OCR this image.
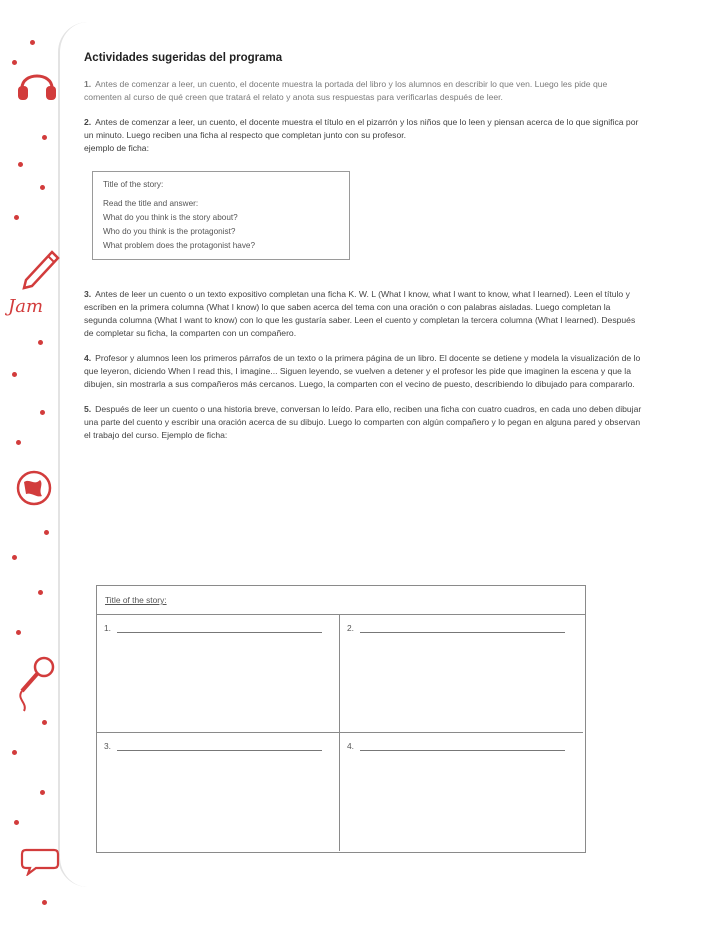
Jam
Actividades sugeridas del programa

1. Antes de comenzar a leer, un cuento, el docente muestra la portada del libro y los alumnos en describir lo que ven. Luego les pide que comenten al curso de qué creen que tratará el relato y anota sus respuestas para verificarlas después de leer.

2. Antes de comenzar a leer, un cuento, el docente muestra el título en el pizarrón y los niños que lo leen y piensan acerca de lo que significa por un minuto. Luego reciben una ficha al respecto que completan junto con su profesor.

ejemplo de ficha:
Title of the story:
Read the title and answer:
What do you think is the story about?
Who do you think is the protagonist?
What problem does the protagonist have?

3. Antes de leer un cuento o un texto expositivo completan una ficha K. W. L (What I know, what I want to know, what I learned). Leen el título y escriben en la primera columna (What I know) lo que saben acerca del tema con una oración o con palabras aisladas. Luego completan la segunda columna (What I want to know) con lo que les gustaría saber. Leen el cuento y completan la tercera columna (What I learned). Después de completar su ficha, la comparten con un compañero.

4. Profesor y alumnos leen los primeros párrafos de un texto o la primera página de un libro. El docente se detiene y modela la visualización de lo que leyeron, diciendo When I read this, I imagine... Siguen leyendo, se vuelven a detener y el profesor les pide que imaginen la escena y que la dibujen, sin mostrarla a sus compañeros más cercanos. Luego, la comparten con el vecino de puesto, describiendo lo dibujado para compararlo.

5. Después de leer un cuento o una historia breve, conversan lo leído. Para ello, reciben una ficha con cuatro cuadros, en cada uno deben dibujar una parte del cuento y escribir una oración acerca de su dibujo. Luego lo comparten con algún compañero y lo pegan en alguna pared y observan el trabajo del curso. Ejemplo de ficha:

Title of the story:
1.	2.
3.	4.
